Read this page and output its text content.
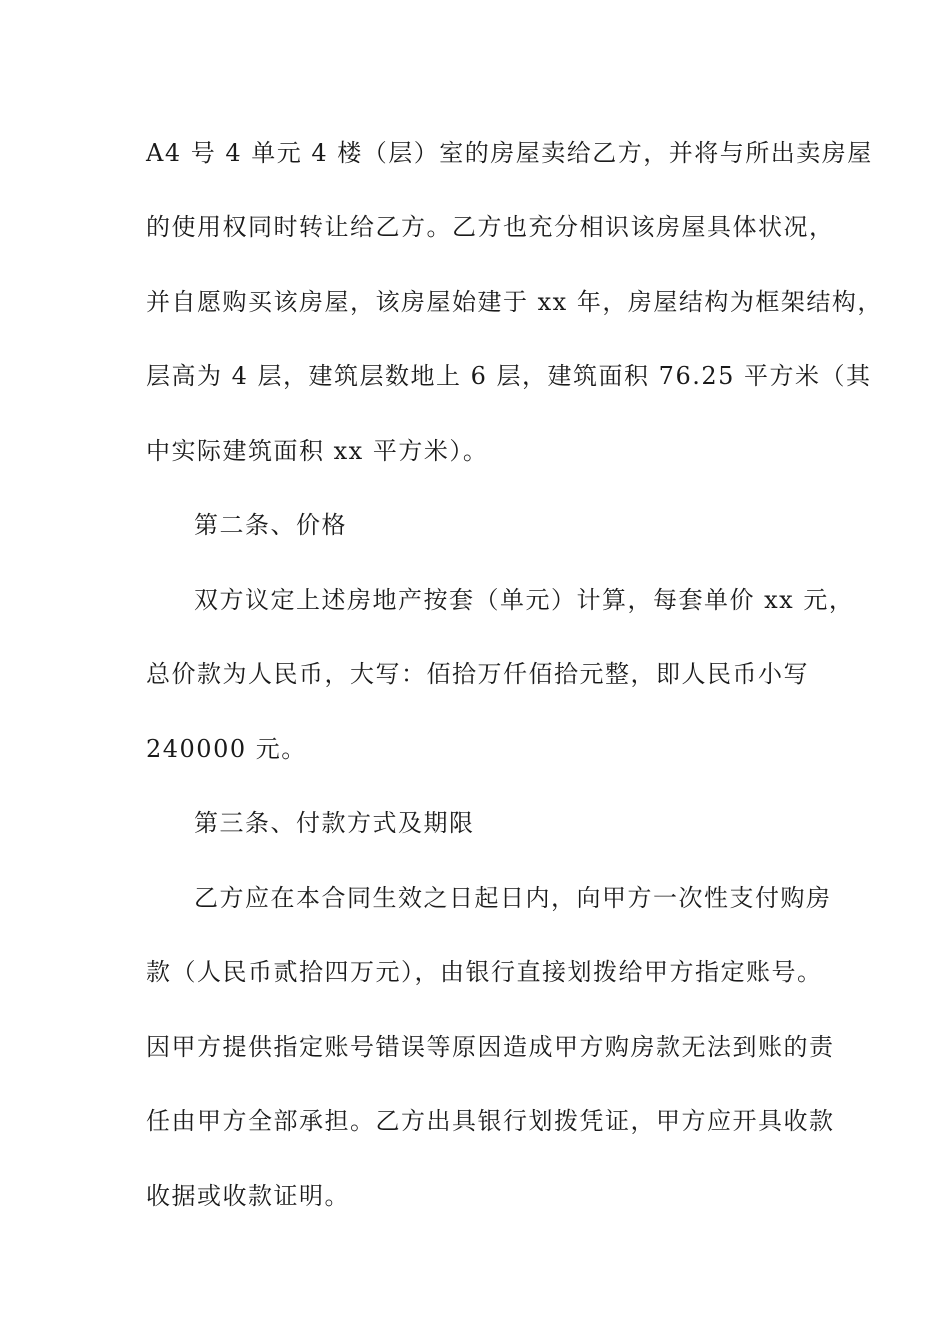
A4 号 4 单元 4 楼（层）室的房屋卖给乙方，并将与所出卖房屋
的使用权同时转让给乙方。乙方也充分相识该房屋具体状况，
并自愿购买该房屋，该房屋始建于 xx 年，房屋结构为框架结构，
层高为 4 层，建筑层数地上 6 层，建筑面积 76.25 平方米（其
中实际建筑面积 xx 平方米）。
第二条、价格
双方议定上述房地产按套（单元）计算，每套单价 xx 元，
总价款为人民币，大写：佰拾万仟佰拾元整，即人民币小写
240000 元。
第三条、付款方式及期限
乙方应在本合同生效之日起日内，向甲方一次性支付购房
款（人民币贰拾四万元），由银行直接划拨给甲方指定账号。
因甲方提供指定账号错误等原因造成甲方购房款无法到账的责
任由甲方全部承担。乙方出具银行划拨凭证，甲方应开具收款
收据或收款证明。
